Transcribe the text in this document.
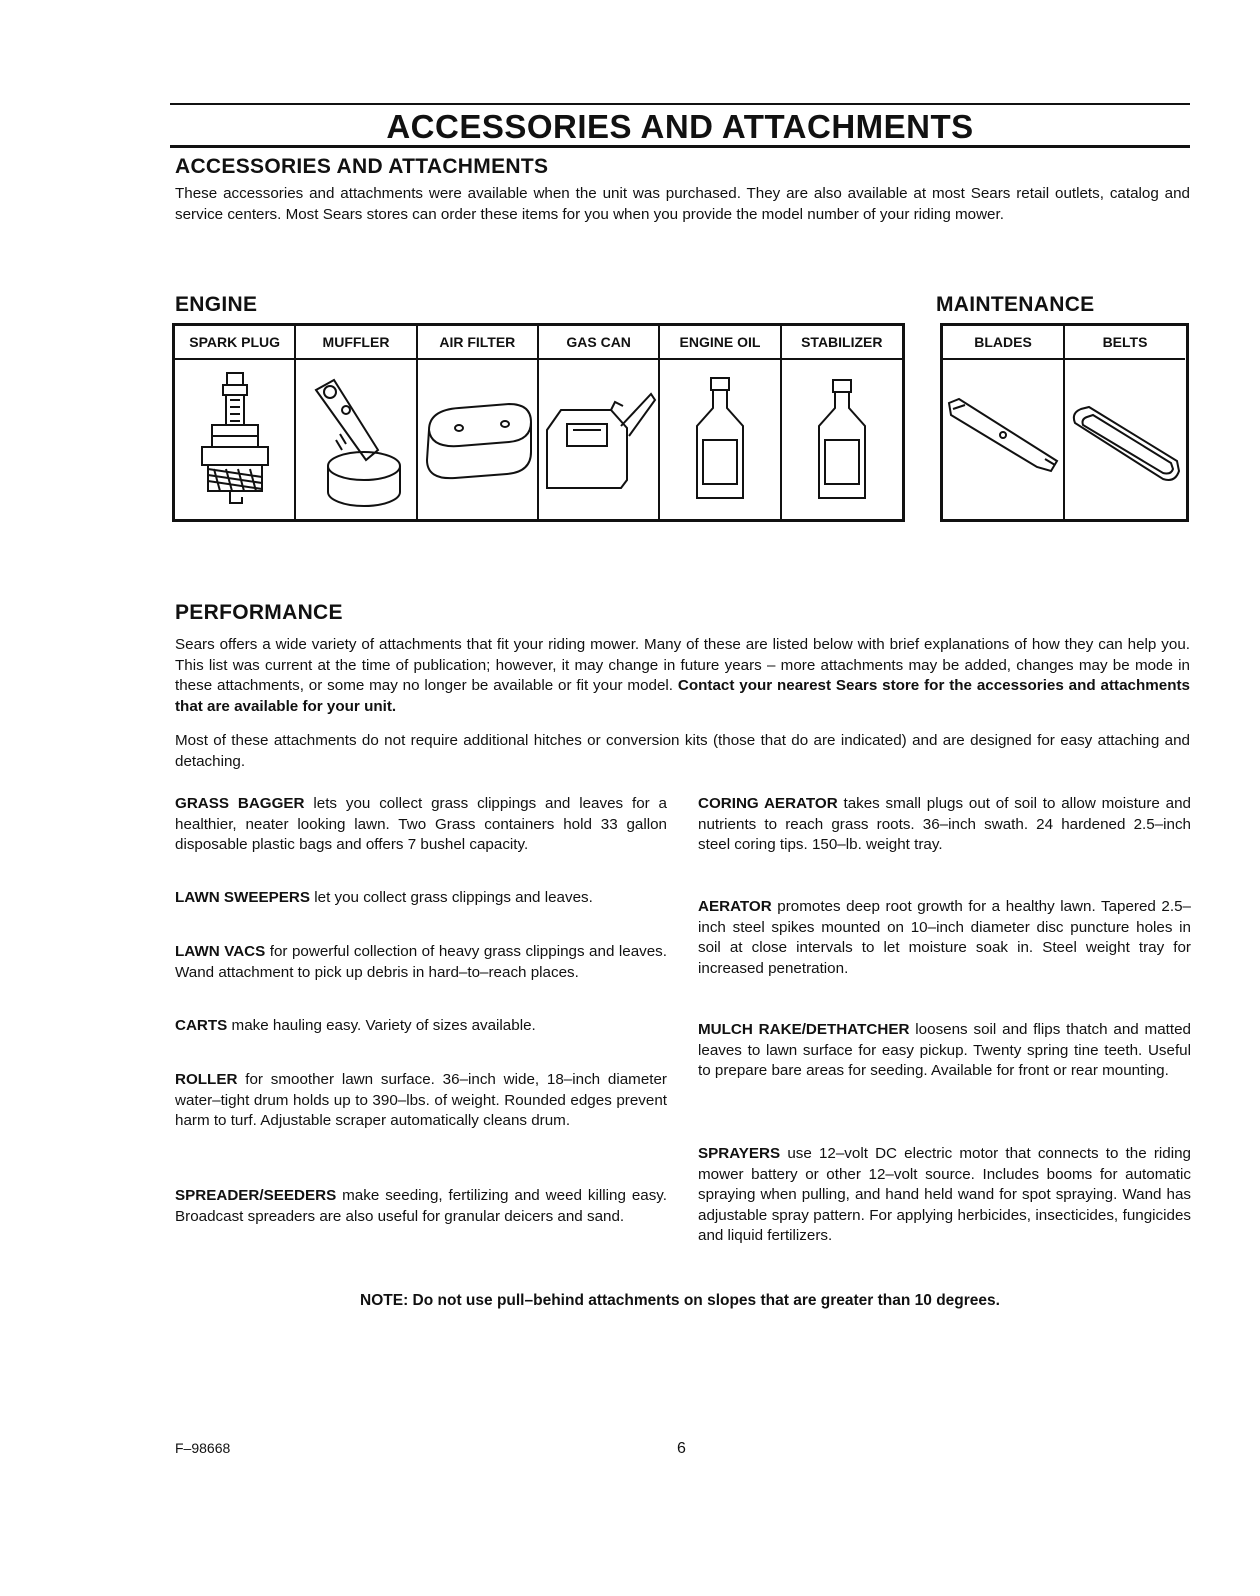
ACCESSORIES AND ATTACHMENTS
ACCESSORIES AND ATTACHMENTS
These accessories and attachments were available when the unit was purchased. They are also available at most Sears retail outlets, catalog and service centers. Most Sears stores can order these items for you when you provide the model number of your riding mower.
ENGINE
SPARK PLUG	MUFFLER	AIR FILTER	GAS CAN	ENGINE OIL	STABILIZER
MAINTENANCE
BLADES	BELTS
PERFORMANCE
Sears offers a wide variety of attachments that fit your riding mower. Many of these are listed below with brief explanations of how they can help you. This list was current at the time of publication; however, it may change in future years – more attachments may be added, changes may be mode in these attachments, or some may no longer be available or fit your model. Contact your nearest Sears store for the accessories and attachments that are available for your unit.
Most of these attachments do not require additional hitches or conversion kits (those that do are indicated) and are designed for easy attaching and detaching.
GRASS BAGGER lets you collect grass clippings and leaves for a healthier, neater looking lawn. Two Grass containers hold 33 gallon disposable plastic bags and offers 7 bushel capacity.
LAWN SWEEPERS let you collect grass clippings and leaves.
LAWN VACS for powerful collection of heavy grass clippings and leaves. Wand attachment to pick up debris in hard–to–reach places.
CARTS make hauling easy. Variety of sizes available.
ROLLER for smoother lawn surface. 36–inch wide, 18–inch diameter water–tight drum holds up to 390–lbs. of weight. Rounded edges prevent harm to turf. Adjustable scraper automatically cleans drum.
SPREADER/SEEDERS make seeding, fertilizing and weed killing easy. Broadcast spreaders are also useful for granular deicers and sand.
CORING AERATOR takes small plugs out of soil to allow moisture and nutrients to reach grass roots. 36–inch swath. 24 hardened 2.5–inch steel coring tips. 150–lb. weight tray.
AERATOR promotes deep root growth for a healthy lawn. Tapered 2.5–inch steel spikes mounted on 10–inch diameter disc puncture holes in soil at close intervals to let moisture soak in. Steel weight tray for increased penetration.
MULCH RAKE/DETHATCHER loosens soil and flips thatch and matted leaves to lawn surface for easy pickup. Twenty spring tine teeth. Useful to prepare bare areas for seeding. Available for front or rear mounting.
SPRAYERS use 12–volt DC electric motor that connects to the riding mower battery or other 12–volt source. Includes booms for automatic spraying when pulling, and hand held wand for spot spraying. Wand has adjustable spray pattern. For applying herbicides, insecticides, fungicides and liquid fertilizers.
NOTE: Do not use pull–behind attachments on slopes that are greater than 10 degrees.
F–98668	6
